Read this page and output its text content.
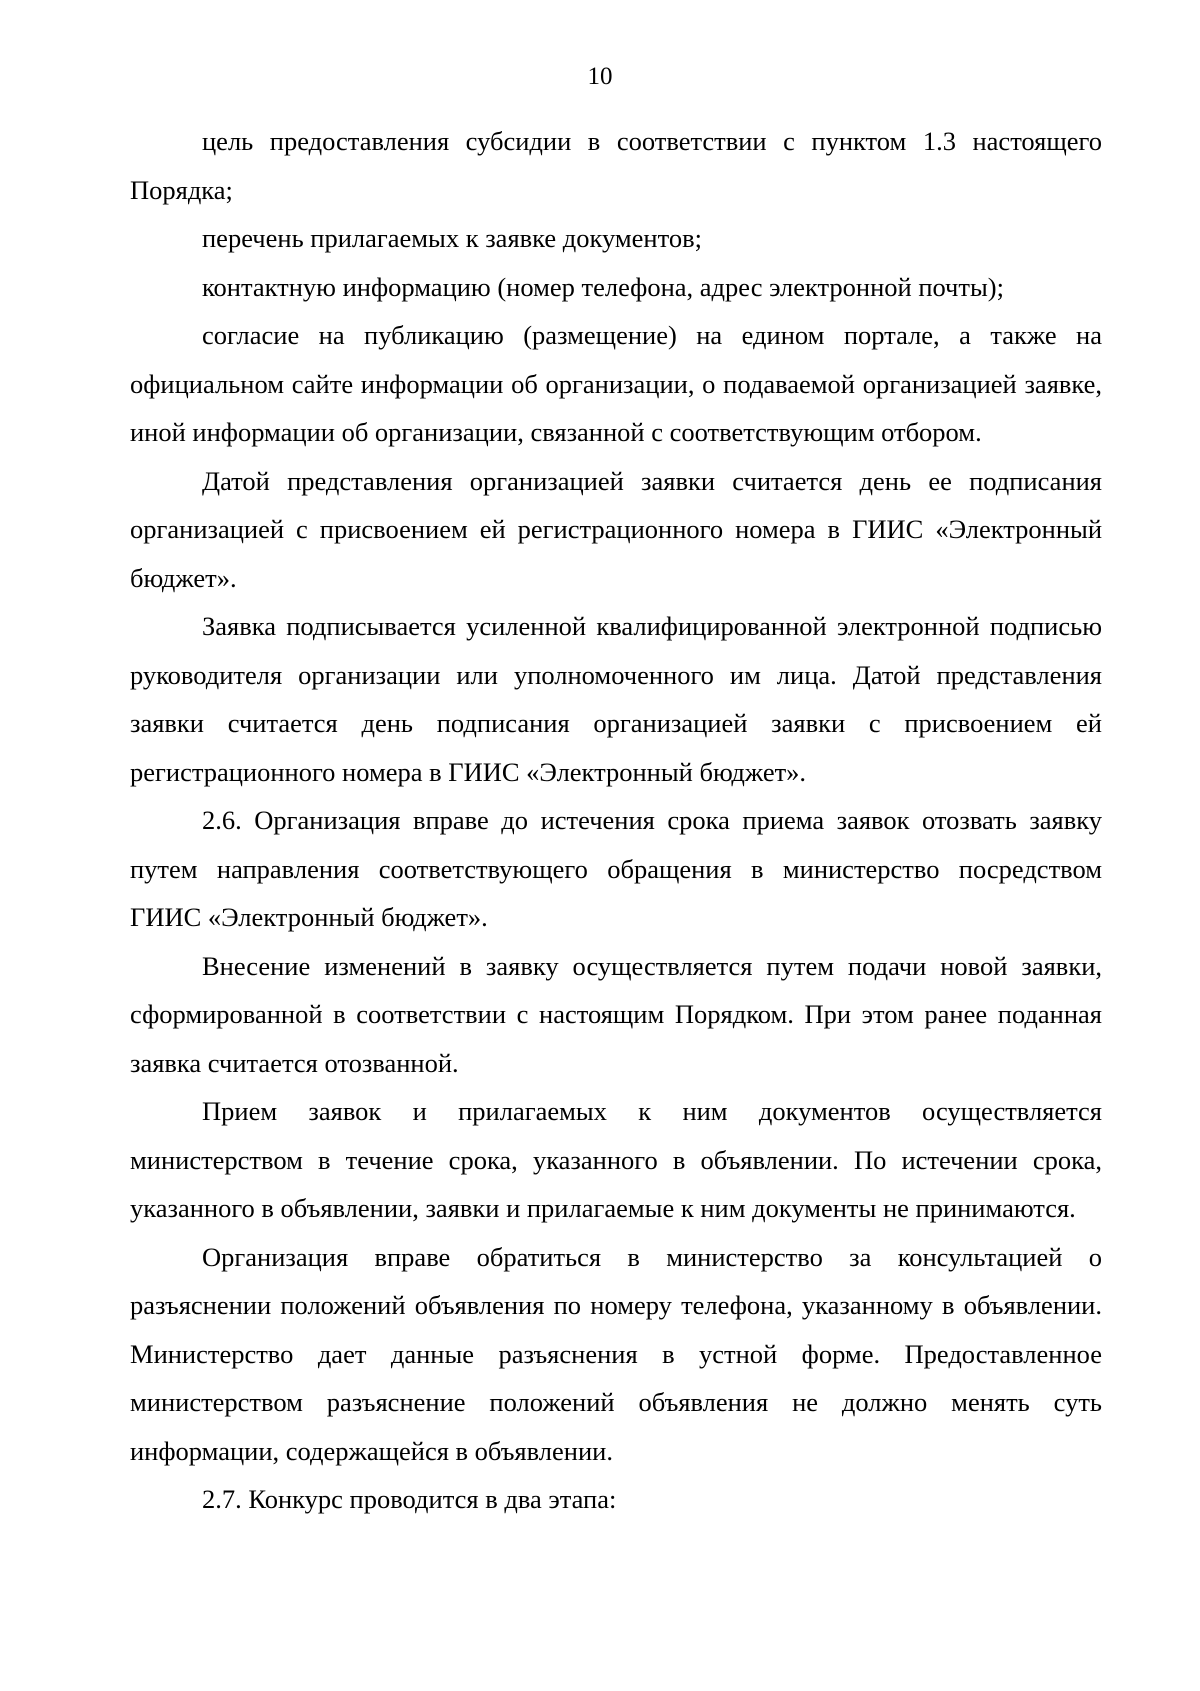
10

цель предоставления субсидии в соответствии с пунктом 1.3 настоящего Порядка;

перечень прилагаемых к заявке документов;

контактную информацию (номер телефона, адрес электронной почты);

согласие на публикацию (размещение) на едином портале, а также на официальном сайте информации об организации, о подаваемой организацией заявке, иной информации об организации, связанной с соответствующим отбором.

Датой представления организацией заявки считается день ее подписания организацией с присвоением ей регистрационного номера в ГИИС «Электронный бюджет».

Заявка подписывается усиленной квалифицированной электронной подписью руководителя организации или уполномоченного им лица. Датой представления заявки считается день подписания организацией заявки с присвоением ей регистрационного номера в ГИИС «Электронный бюджет».

2.6. Организация вправе до истечения срока приема заявок отозвать заявку путем направления соответствующего обращения в министерство посредством ГИИС «Электронный бюджет».

Внесение изменений в заявку осуществляется путем подачи новой заявки, сформированной в соответствии с настоящим Порядком. При этом ранее поданная заявка считается отозванной.

Прием заявок и прилагаемых к ним документов осуществляется министерством в течение срока, указанного в объявлении. По истечении срока, указанного в объявлении, заявки и прилагаемые к ним документы не принимаются.

Организация вправе обратиться в министерство за консультацией о разъяснении положений объявления по номеру телефона, указанному в объявлении. Министерство дает данные разъяснения в устной форме. Предоставленное министерством разъяснение положений объявления не должно менять суть информации, содержащейся в объявлении.

2.7. Конкурс проводится в два этапа:
